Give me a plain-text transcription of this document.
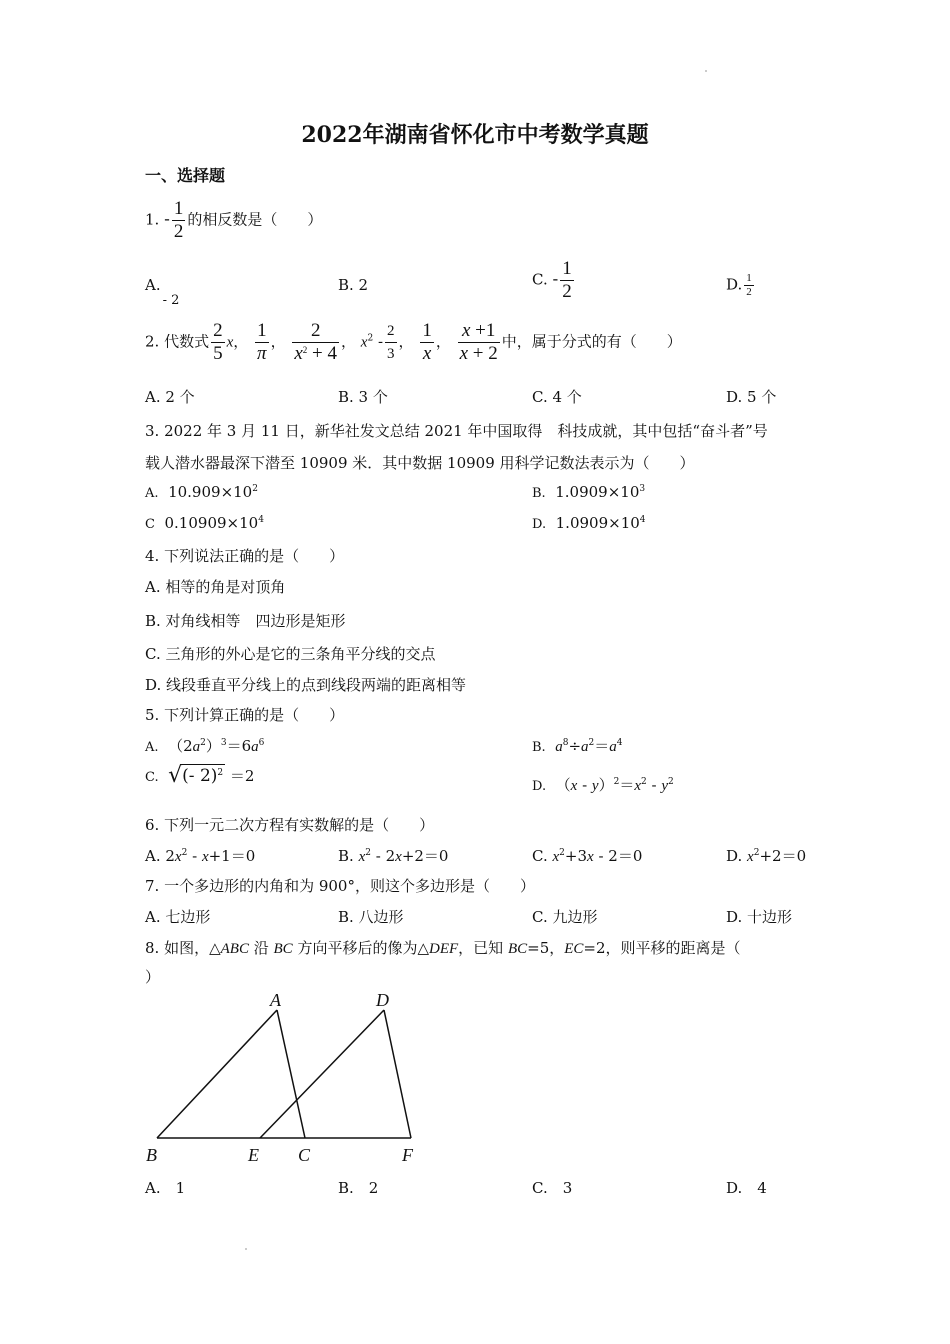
2022年湖南省怀化市中考数学真题
一、选择题
1. - $\frac{1}{2}$ 的相反数是（　　）
A.- 2
B. 2	C. - $\frac{1}{2}$	D. $\frac{1}{2}$
2. 代数式 $\frac{2}{5}$ x， $\frac{1}{\pi}$ ， $\frac{2}{x^2 + 4}$ ， $x^2 - \frac{2}{3}$ ， $\frac{1}{x}$ ， $\frac{x +1}{x + 2}$ 中，属于分式的有（　　）
A. 2 个	B. 3 个	C. 4 个	D. 5 个
3. 2022 年 3 月 11 日，新华社发文总结 2021 年中国取得　科技成就，其中包括“奋斗者”号
载人潜水器最深下潜至 10909 米．其中数据 10909 用科学记数法表示为（　　）
A. $10.909\times 10^2$	B. $1.0909\times 10^3$
C $0.10909\times 10^4$	D. $1.0909\times 10^4$
4. 下列说法正确的是（　　）
A. 相等的角是对顶角
B. 对角线相等　四边形是矩形
C. 三角形的外心是它的三条角平分线的交点
D. 线段垂直平分线上的点到线段两端的距离相等
5. 下列计算正确的是（　　）
A.  $(2a^2)^3=6a^6$	B. $a^8\div a^2=a^4$
C. √ (- 2)$^2$ ＝2
D.  $(x - y)^2=x^2 - y^2$
6. 下列一元二次方程有实数解的是（　　）
A. $2x^2 - x+1=0$	B. $x^2 - 2x+2=0$	C. $x^2+3x - 2=0$	D. $x^2+2=0$
7. 一个多边形的内角和为 900°，则这个多边形是（　　）
A. 七边形	B. 八边形	C. 九边形	D. 十边形
8. 如图，△ABC 沿 BC 方向平移后的像为△DEF，已知 BC=5，EC=2，则平移的距离是（
）
A	D
B	E C	F
A.　1	B.　2	C.　3	D.　4
